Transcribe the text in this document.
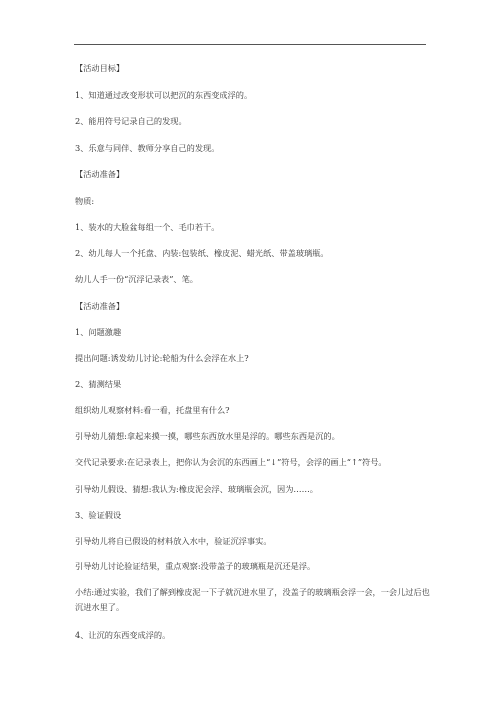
【活动目标】
1、知道通过改变形状可以把沉的东西变成浮的。
2、能用符号记录自己的发现。
3、乐意与同伴、教师分享自己的发现。
【活动准备】
物质:
1、装水的大脸盆每组一个、毛巾若干。
2、幼儿每人一个托盘、内装:包装纸、橡皮泥、蜡光纸、带盖玻璃瓶。
幼儿人手一份“沉浮记录表”、笔。
【活动准备】
1、问题激趣
提出问题:诱发幼儿讨论:轮船为什么会浮在水上?
2、猜测结果
组织幼儿观察材料:看一看，托盘里有什么?
引导幼儿猜想:拿起来摸一摸，哪些东西放水里是浮的。哪些东西是沉的。
交代记录要求:在记录表上，把你认为会沉的东西画上“↓”符号，会浮的画上“↑”符号。
引导幼儿假设、猜想:我认为:橡皮泥会浮、玻璃瓶会沉，因为……。
3、验证假设
引导幼儿将自已假设的材料放入水中，验证沉浮事实。
引导幼儿讨论验证结果，重点观察:没带盖子的玻璃瓶是沉还是浮。
小结:通过实验，我们了解到橡皮泥一下子就沉进水里了，没盖子的玻璃瓶会浮一会，一会儿过后也沉进水里了。
4、让沉的东西变成浮的。
